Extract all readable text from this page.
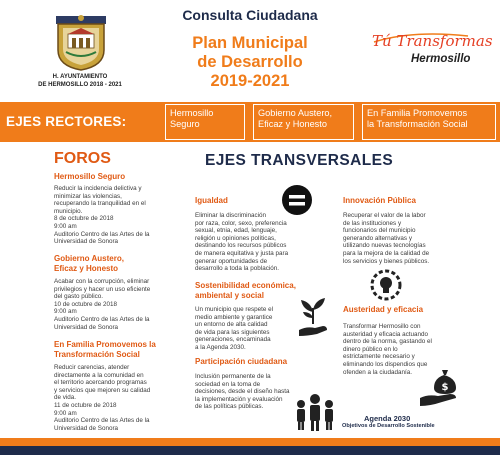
H. AYUNTAMIENTO
DE HERMOSILLO 2018 - 2021
Consulta Ciudadana
Plan Municipal
de Desarrollo
2019-2021
Tú Transformas
Hermosillo
EJES RECTORES:
Hermosillo
Seguro
Gobierno Austero,
Eficaz y Honesto
En Familia Promovemos
la Transformación Social
FOROS
Hermosillo Seguro
Reducir la incidencia delictiva y
minimizar las violencias,
recuperando la tranquilidad en el
municipio.
8 de octubre de 2018
9:00 am
Auditorio Centro de las Artes de la
Universidad de Sonora
Gobierno Austero,
Eficaz y Honesto
Acabar con la corrupción, eliminar
privilegios y hacer un uso eficiente
del gasto público.
10 de octubre de 2018
9:00 am
Auditorio Centro de las Artes de la
Universidad de Sonora
En Familia Promovemos la
Transformación Social
Reducir carencias, atender
directamente a la comunidad en
el territorio acercando programas
y servicios que mejoren su calidad
de vida.
11 de octubre de 2018
9:00 am
Auditorio Centro de las Artes de la
Universidad de Sonora
EJES TRANSVERSALES
Igualdad
Eliminar la discriminación
por raza, color, sexo, preferencia
sexual, etnia, edad, lenguaje,
religión u opiniones políticas,
destinando los recursos públicos
de manera equitativa y justa para
generar oportunidades de
desarrollo a toda la población.
Sostenibilidad económica,
ambiental y social
Un municipio que respete el
medio ambiente y garantice
un entorno de alta calidad
de vida para las siguientes
generaciones, encaminada
a la Agenda 2030.
Participación ciudadana
Inclusión permanente de la
sociedad en la toma de
decisiones, desde el diseño hasta
la implementación y evaluación
de las políticas públicas.
Innovación Pública
Recuperar el valor de la labor
de las instituciones y
funcionarios del municipio
generando alternativas y
utilizando nuevas tecnologías
para la mejora de la calidad de
los servicios y bienes públicos.
Austeridad y eficacia
Transformar Hermosillo con
austeridad y eficacia actuando
dentro de la norma, gastando el
dinero público en lo
estrictamente necesario y
eliminando los dispendios que
ofenden a la ciudadanía.
$
Agenda 2030
Objetivos de Desarrollo Sostenible
